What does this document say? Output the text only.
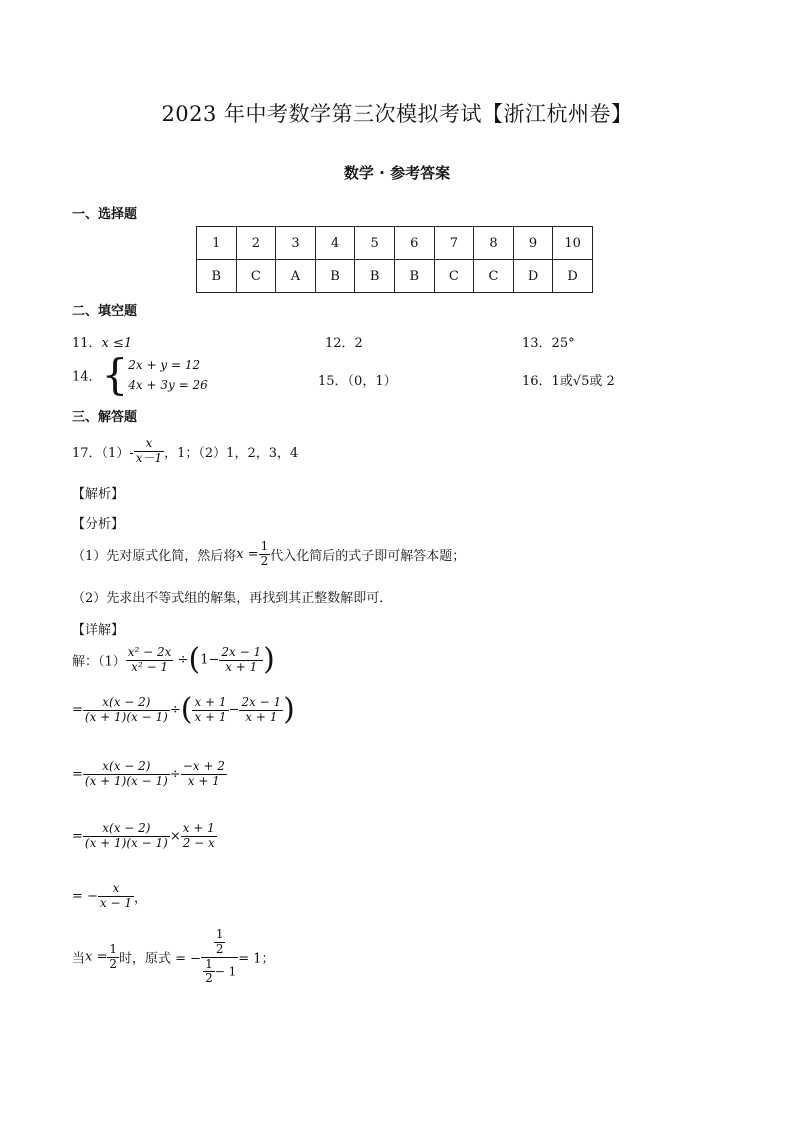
2023 年中考数学第三次模拟考试【浙江杭州卷】
数学 · 参考答案
一、选择题
1	2	3	4	5	6	7	8	9	10
B	C	A	B	B	B	C	C	D	D
二、填空题
11．x ≤1	12．2	13．25°
14．{ 2x + y = 12
4x + 3y = 26	15．（0，1）	16．1或√5或 2
三、解答题
17．$(1)- \frac{x}{x-1}$ ，1；（2）1，2，3，4
【解析】
【分析】
（1）先对原式化简，然后将$x = \frac{1}{2}$ 代入化简后的式子即可解答本题；
（2）先求出不等式组的解集，再找到其正整数解即可．
【详解】
解：$(1) \frac{\text{x² − 2x}}{\text{x² − 1}} \div(1- \frac{2x - 1}{x + 1}$ )
= $\frac{x(x - 2)}{(x + 1)(x - 1)}$ ÷( $\frac{x + 1}{x + 1} - \frac{2x - 1}{x + 1}$ )
= $\frac{x(x - 2)}{(x + 1)(x - 1)} \div \frac{-x + 2}{x + 1}$
= $\frac{x(x - 2)}{(x + 1)(x - 1)} \times \frac{x + 1}{2 - x}$
= − $\frac{x}{x - 1}$ ，
当$x = \frac{1}{2}$ 时，原式 = − $\frac{\frac{1}{2}}{\frac{1}{2} - 1} = 1$；
